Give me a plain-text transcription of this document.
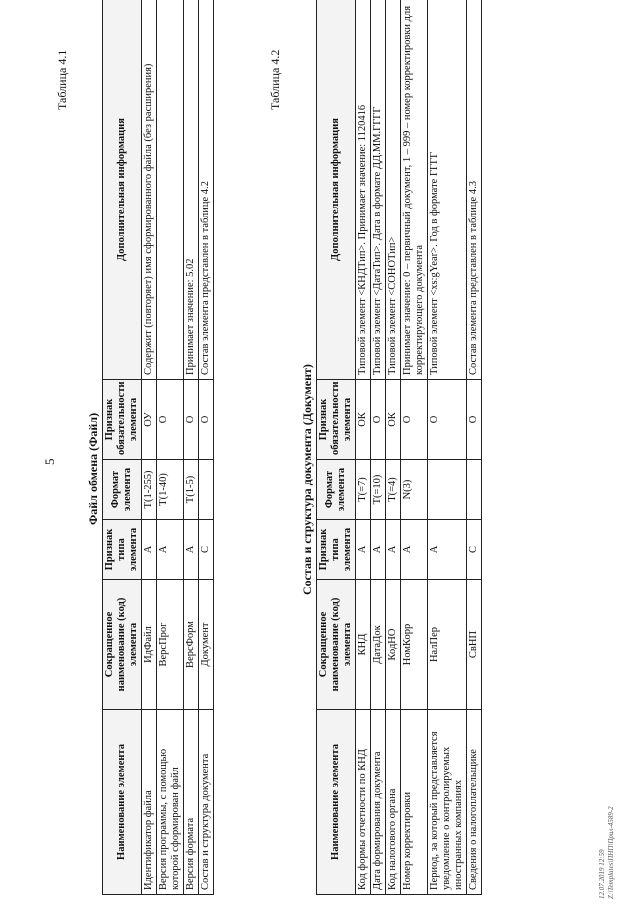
5
Таблица 4.1
Файл обмена (Файл)
Наименование элемента	Сокращенное наименование (код) элемента	Признак типа элемента	Формат элемента	Признак обязательности элемента	Дополнительная информация
Идентификатор файла	ИдФайл	А	T(1-255)	ОУ	Содержит (повторяет) имя сформированного файла (без расширения)
Версия программы, с помощью которой сформирован файл	ВерсПрог	А	T(1-40)	О	
Версия формата	ВерсФорм	А	T(1-5)	О	Принимает значение: 5.02
Состав и структура документа	Документ	С		О	Состав элемента представлен в таблице 4.2
Таблица 4.2
Состав и структура документа (Документ)
Наименование элемента	Сокращенное наименование (код) элемента	Признак типа элемента	Формат элемента	Признак обязательности элемента	Дополнительная информация
Код формы отчетности по КНД	КНД	А	T(=7)	ОК	Типовой элемент <КНДТип>. Принимает значение: 1120416
Дата формирования документа	ДатаДок	А	T(=10)	О	Типовой элемент <ДатаТип>. Дата в формате ДД.ММ.ГГГГ
Код налогового органа	КодНО	А	T(=4)	ОК	Типовой элемент <СОНОТип>
Номер корректировки	НомКорр	А	N(3)	О	Принимает значение: 0 – первичный документ, 1 – 999 – номер корректировки для корректирующего документа
Период, за который представляется уведомление о контролируемых иностранных компаниях	НалПер	А		О	Типовой элемент <xs:gYear>. Год в формате ГГГГ
Сведения о налогоплательщике	СвНП	С		О	Состав элемента представлен в таблице 4.3
12.07.2019 12:59 Z:\Templates\ПНП\Прил-4589-2
